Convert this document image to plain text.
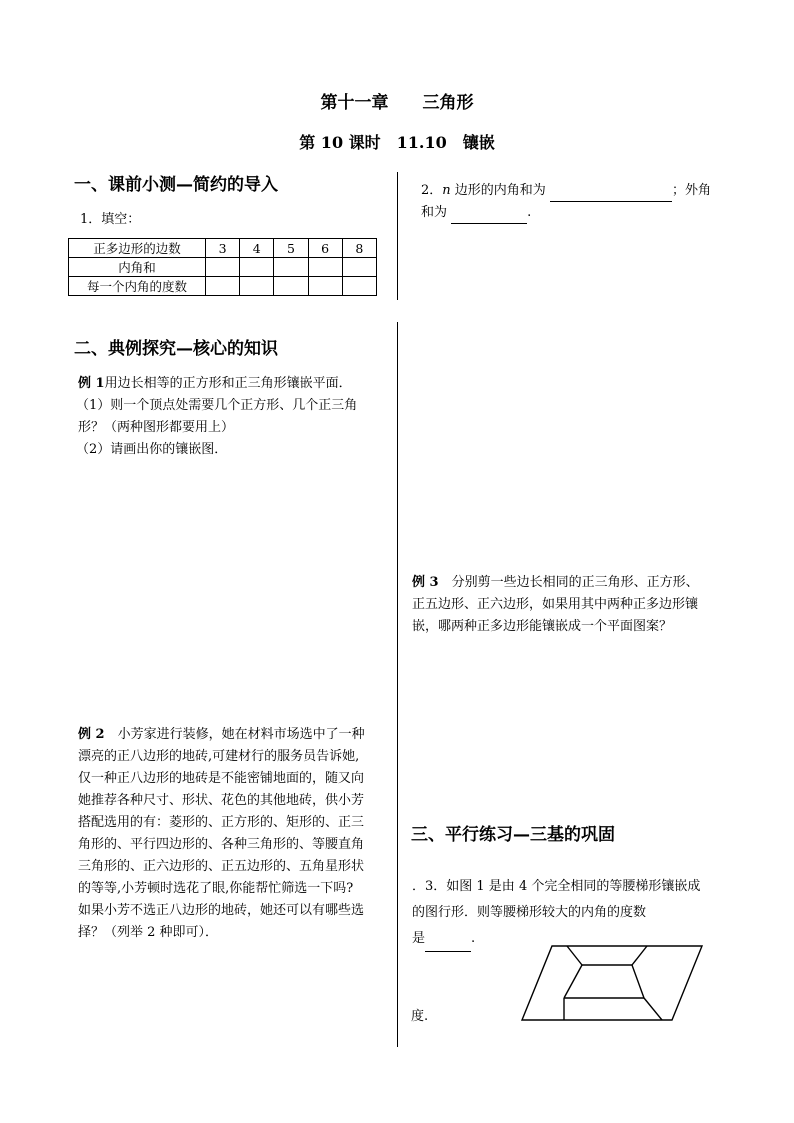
第十一章　　三角形
第 10 课时　11.10　镶嵌
一、课前小测—简约的导入
1．填空：
正多边形的边数	3	4	5	6	8
内角和					
每一个内角的度数					
2．n 边形的内角和为	；外角
和为	.
二、典例探究—核心的知识
例 1用边长相等的正方形和正三角形镶嵌平面．
（1）则一个顶点处需要几个正方形、几个正三角
形？（两种图形都要用上）
（2）请画出你的镶嵌图．
例 2　小芳家进行装修，她在材料市场选中了一种
漂亮的正八边形的地砖,可建材行的服务员告诉她,
仅一种正八边形的地砖是不能密铺地面的，随又向
她推荐各种尺寸、形状、花色的其他地砖，供小芳
搭配选用的有：菱形的、正方形的、矩形的、正三
角形的、平行四边形的、各种三角形的、等腰直角
三角形的、正六边形的、正五边形的、五角星形状
的等等,小芳顿时选花了眼,你能帮忙筛选一下吗?
如果小芳不选正八边形的地砖，她还可以有哪些选
择？（列举 2 种即可）．
例 3　分别剪一些边长相同的正三角形、正方形、
正五边形、正六边形，如果用其中两种正多边形镶
嵌，哪两种正多边形能镶嵌成一个平面图案？
三、平行练习—三基的巩固
．3．如图 1 是由 4 个完全相同的等腰梯形镶嵌成
的图行形．则等腰梯形较大的内角的度数
是	.
度.
